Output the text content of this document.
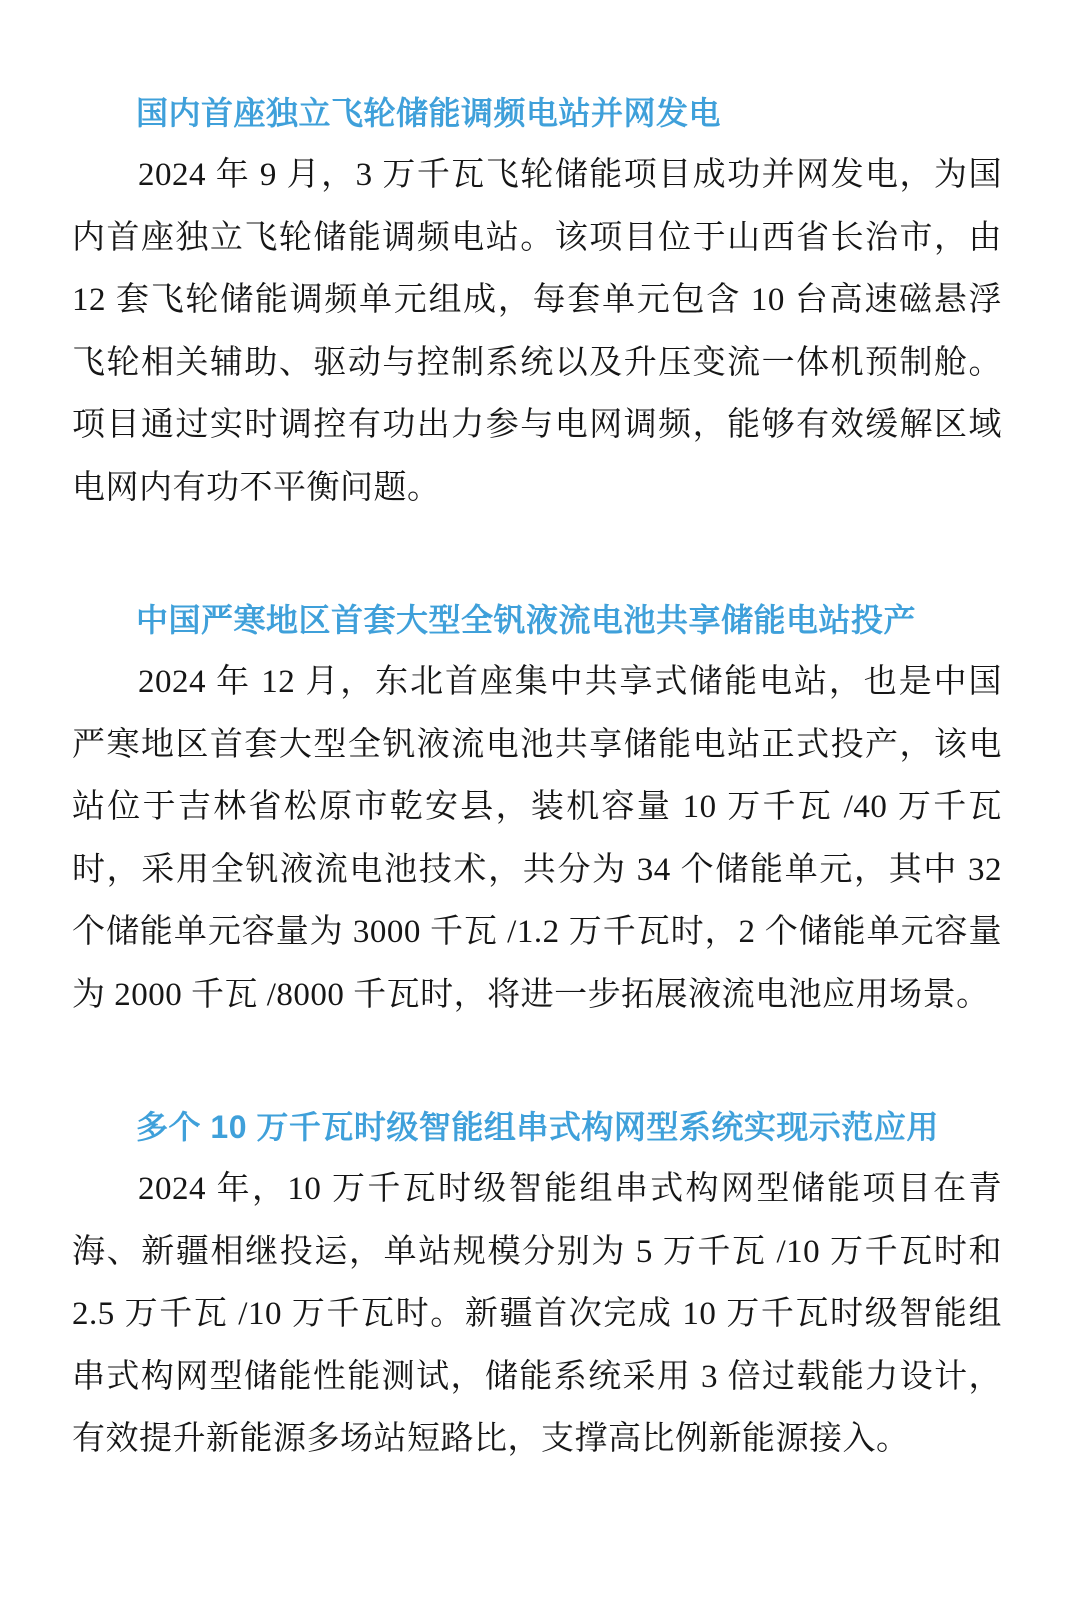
国内首座独立飞轮储能调频电站并网发电

2024 年 9 月，3 万千瓦飞轮储能项目成功并网发电，为国内首座独立飞轮储能调频电站。该项目位于山西省长治市，由 12 套飞轮储能调频单元组成，每套单元包含 10 台高速磁悬浮飞轮相关辅助、驱动与控制系统以及升压变流一体机预制舱。项目通过实时调控有功出力参与电网调频，能够有效缓解区域电网内有功不平衡问题。

中国严寒地区首套大型全钒液流电池共享储能电站投产

2024 年 12 月，东北首座集中共享式储能电站，也是中国严寒地区首套大型全钒液流电池共享储能电站正式投产，该电站位于吉林省松原市乾安县，装机容量 10 万千瓦 /40 万千瓦时，采用全钒液流电池技术，共分为 34 个储能单元，其中 32 个储能单元容量为 3000 千瓦 /1.2 万千瓦时，2 个储能单元容量为 2000 千瓦 /8000 千瓦时，将进一步拓展液流电池应用场景。

多个 10 万千瓦时级智能组串式构网型系统实现示范应用

2024 年，10 万千瓦时级智能组串式构网型储能项目在青海、新疆相继投运，单站规模分别为 5 万千瓦 /10 万千瓦时和 2.5 万千瓦 /10 万千瓦时。新疆首次完成 10 万千瓦时级智能组串式构网型储能性能测试，储能系统采用 3 倍过载能力设计，有效提升新能源多场站短路比，支撑高比例新能源接入。
